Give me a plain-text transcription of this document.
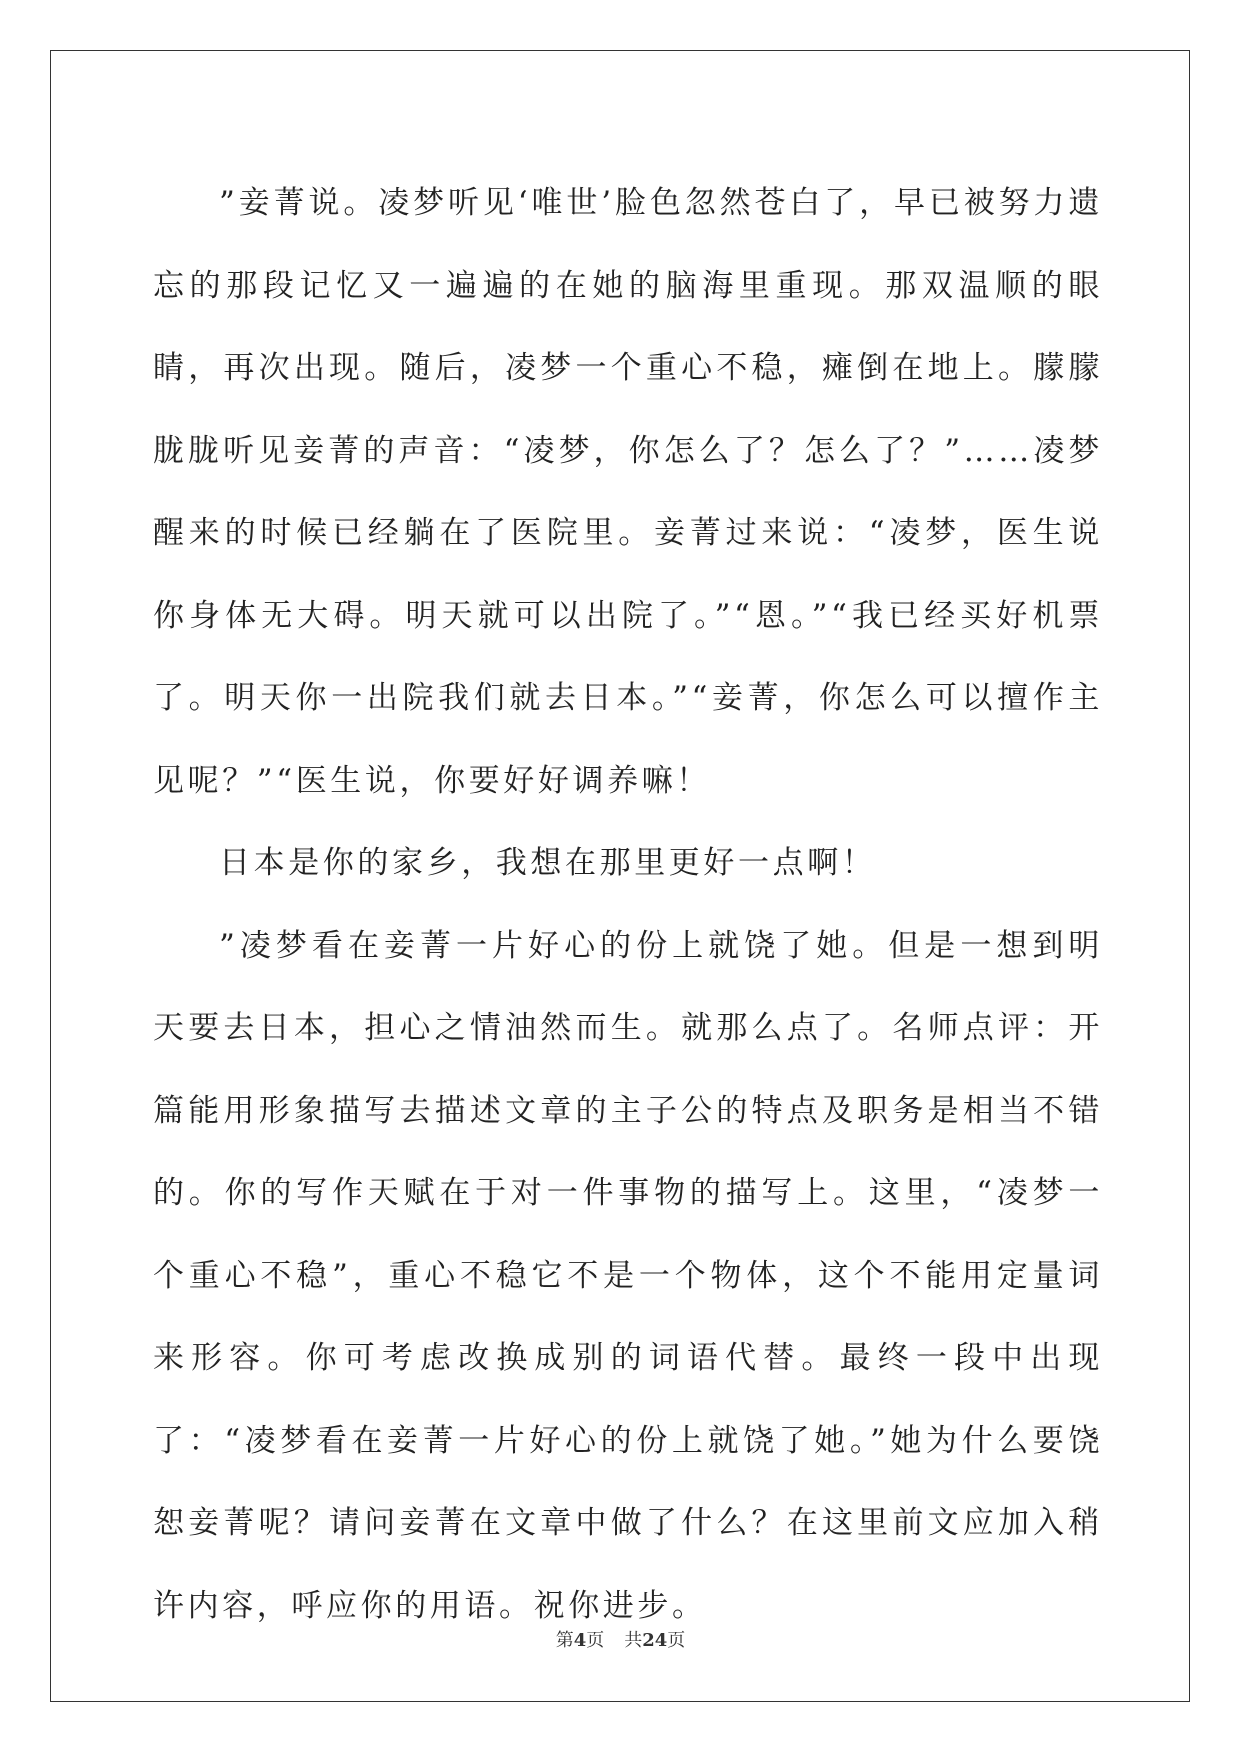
”妾菁说。凌梦听见‘唯世’脸色忽然苍白了，早已被努力遗忘的那段记忆又一遍遍的在她的脑海里重现。那双温顺的眼睛，再次出现。随后，凌梦一个重心不稳，瘫倒在地上。朦朦胧胧听见妾菁的声音：“凌梦，你怎么了？怎么了？”……凌梦醒来的时候已经躺在了医院里。妾菁过来说：“凌梦，医生说你身体无大碍。明天就可以出院了。”“恩。”“我已经买好机票了。明天你一出院我们就去日本。”“妾菁，你怎么可以擅作主见呢？”“医生说，你要好好调养嘛！

日本是你的家乡，我想在那里更好一点啊！

”凌梦看在妾菁一片好心的份上就饶了她。但是一想到明天要去日本，担心之情油然而生。就那么点了。名师点评：开篇能用形象描写去描述文章的主子公的特点及职务是相当不错的。你的写作天赋在于对一件事物的描写上。这里，“凌梦一个重心不稳”，重心不稳它不是一个物体，这个不能用定量词来形容。你可考虑改换成别的词语代替。最终一段中出现了：“凌梦看在妾菁一片好心的份上就饶了她。”她为什么要饶恕妾菁呢？请问妾菁在文章中做了什么？在这里前文应加入稍许内容，呼应你的用语。祝你进步。

第4页 共24页
